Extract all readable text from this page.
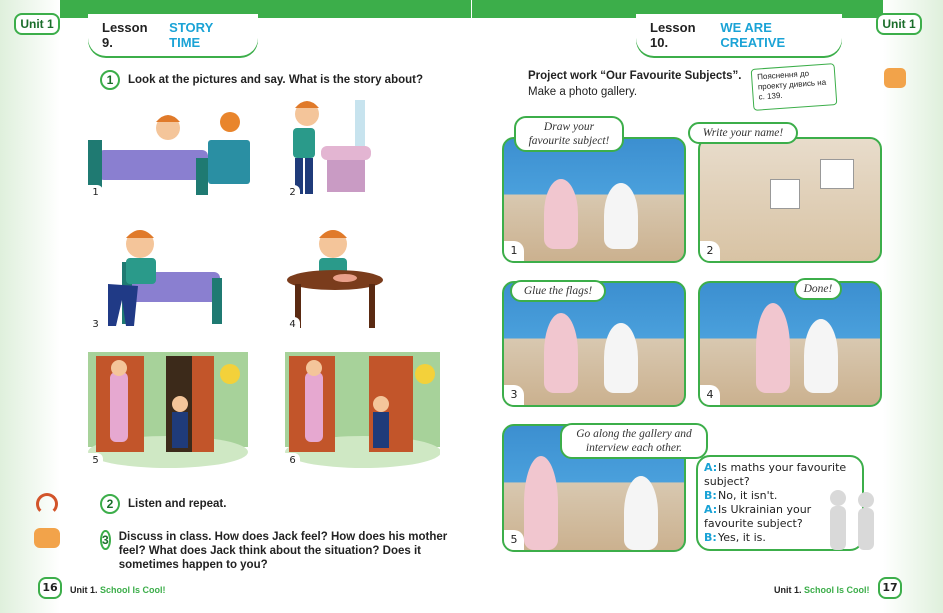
Unit 1	Lesson 9.
STORY TIME
1	Look at the pictures and say. What is the story about?
1	2
3	4
5	6
2	Listen and repeat.
3 Discuss in class. How does Jack feel? How does his mother feel? What does Jack think about the situation? Does it sometimes happen to you?
16	Unit 1. School Is Cool!
Unit 1
Lesson 10.
WE ARE CREATIVE
Project work “Our Favourite Subjects”.
Make a photo gallery.
Пояснення до проекту дивись на с. 139.
1
Draw your favourite subject!
2
Write your name!
3
Glue the flags!
4
Done!
5
Go along the gallery and interview each other.
A:Is maths your favourite subject?
B:No, it isn't.
A:Is Ukrainian your favourite subject?
B:Yes, it is.
17
Unit 1. School Is Cool!
